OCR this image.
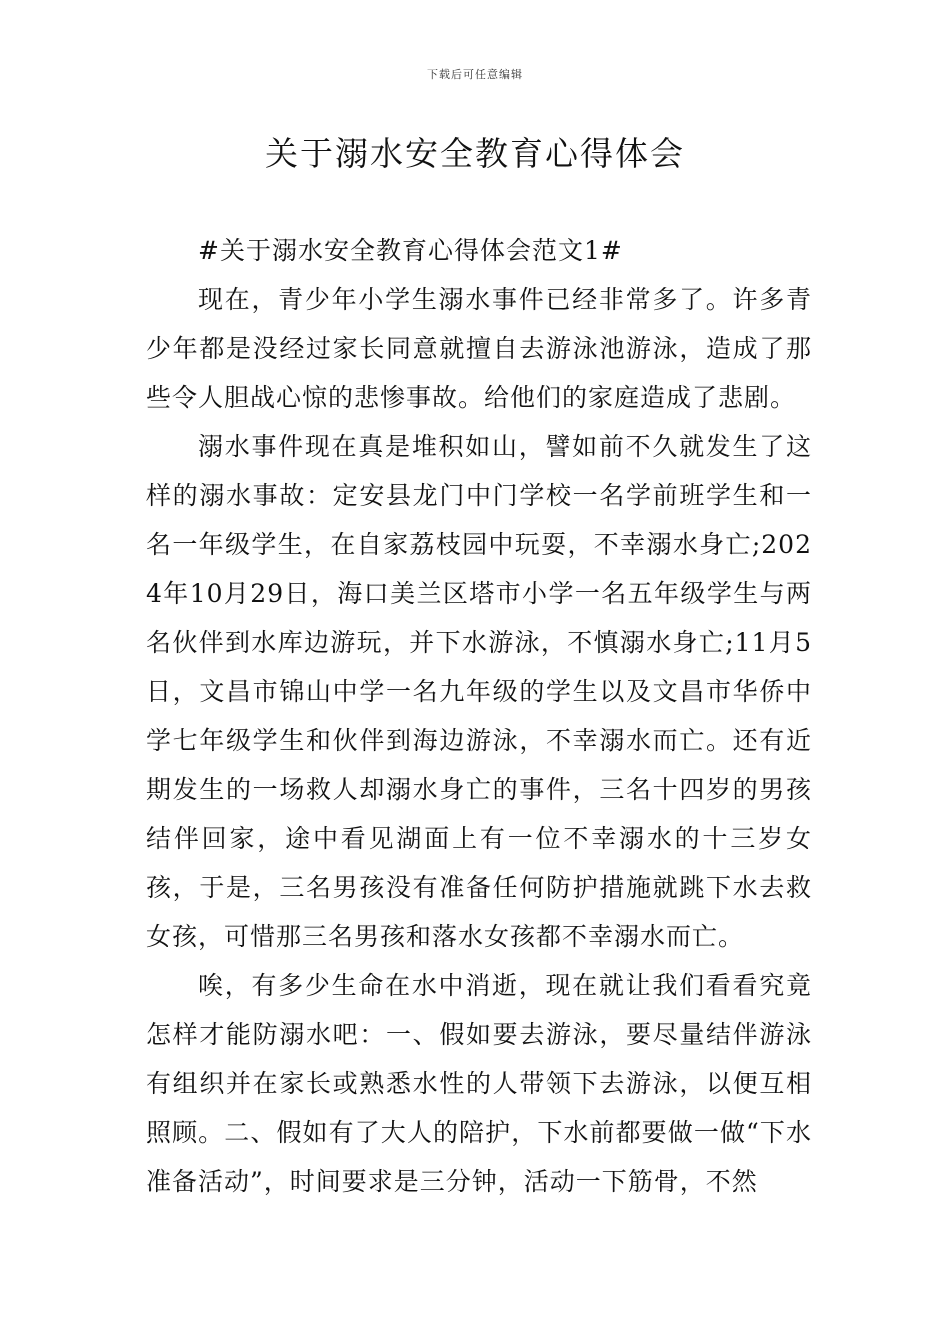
下载后可任意编辑
关于溺水安全教育心得体会

#关于溺水安全教育心得体会范文1#

现在，青少年小学生溺水事件已经非常多了。许多青少年都是没经过家长同意就擅自去游泳池游泳，造成了那些令人胆战心惊的悲惨事故。给他们的家庭造成了悲剧。

溺水事件现在真是堆积如山，譬如前不久就发生了这样的溺水事故：定安县龙门中门学校一名学前班学生和一名一年级学生，在自家荔枝园中玩耍，不幸溺水身亡;2024年10月29日，海口美兰区塔市小学一名五年级学生与两名伙伴到水库边游玩，并下水游泳，不慎溺水身亡;11月5日，文昌市锦山中学一名九年级的学生以及文昌市华侨中学七年级学生和伙伴到海边游泳，不幸溺水而亡。还有近期发生的一场救人却溺水身亡的事件，三名十四岁的男孩结伴回家，途中看见湖面上有一位不幸溺水的十三岁女孩，于是，三名男孩没有准备任何防护措施就跳下水去救女孩，可惜那三名男孩和落水女孩都不幸溺水而亡。

唉，有多少生命在水中消逝，现在就让我们看看究竟怎样才能防溺水吧：一、假如要去游泳，要尽量结伴游泳有组织并在家长或熟悉水性的人带领下去游泳，以便互相照顾。二、假如有了大人的陪护，下水前都要做一做“下水准备活动”，时间要求是三分钟，活动一下筋骨，不然
